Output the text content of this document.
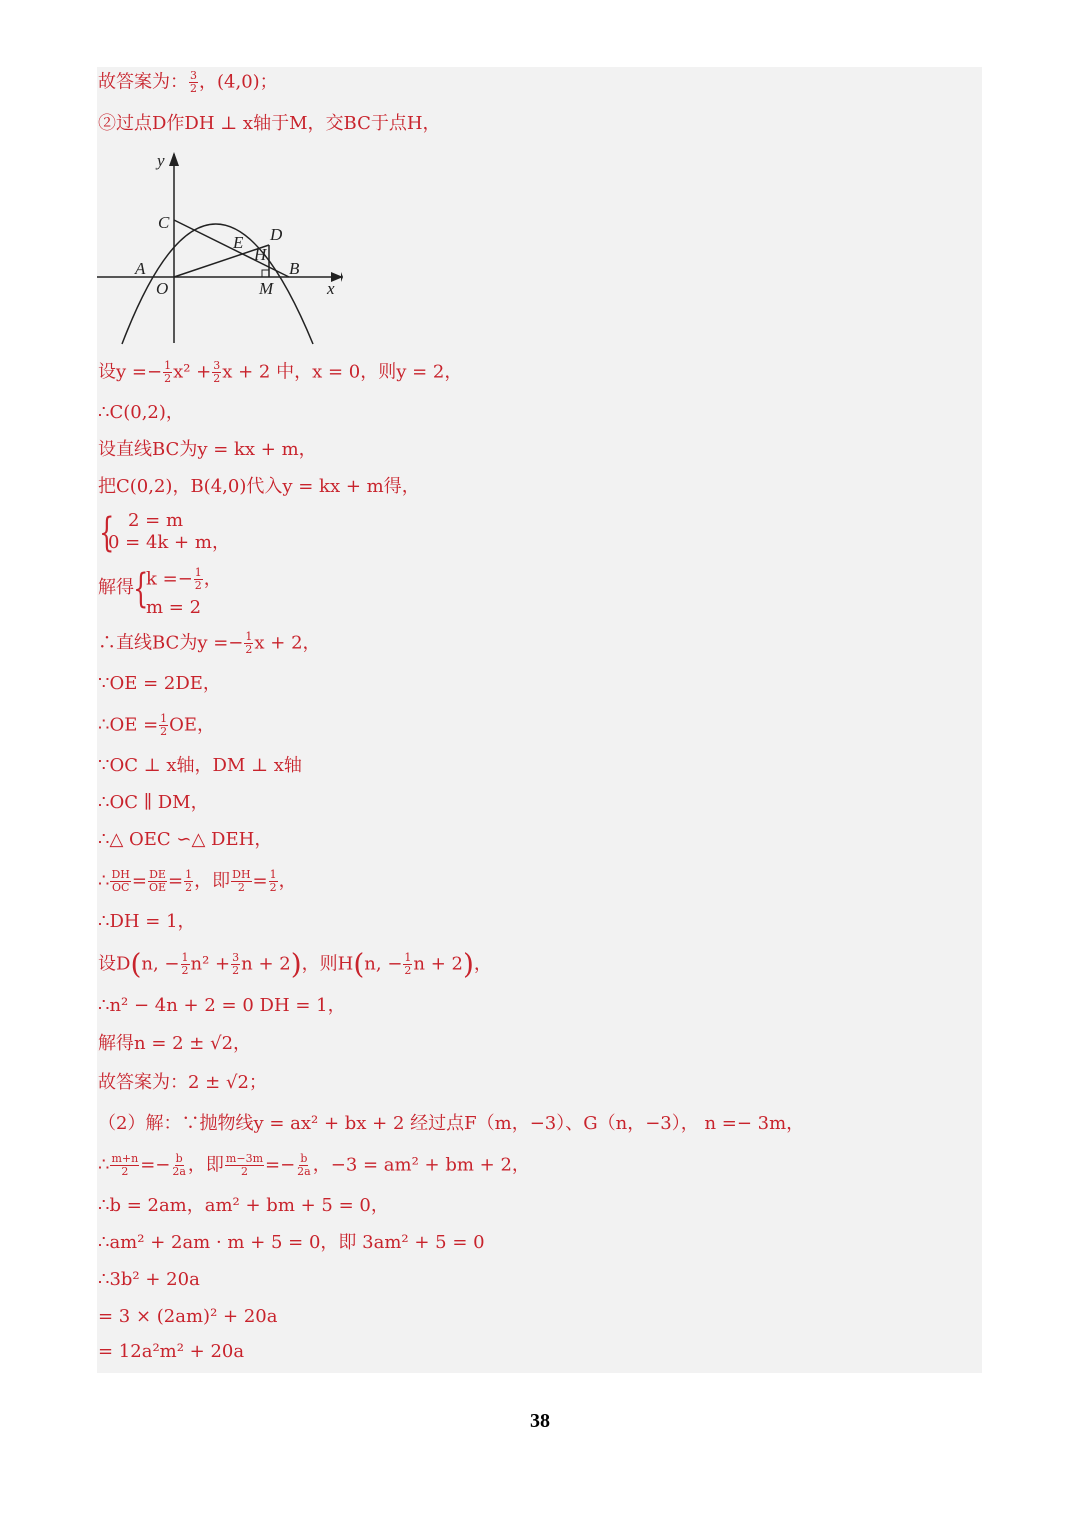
故答案为： $\frac{3}{2}$ ，(4,0)；
②过点D作DH ⊥ x轴于M，交BC于点H，
y
x
C
D
E
H
A	B
O	M
设$y =- \frac{1}{2} x^2 + \frac{3}{2}$ x + 2 中，x = 0，则y = 2，
∴C(0,2)，
设直线BC为y = kx + m，
把C(0,2)，B(4,0)代入y = kx + m得，
{ 2 = m
0 = 4k + m，
解得 {
$k =- \frac{1}{2}$ ，
m = 2
∴直线BC为$y =- \frac{1}{2}$ x + 2，
∵OE = 2DE，
∴OE = $\frac{1}{2}$ OE，
∵OC ⊥ x轴，DM ⊥ x轴
∴OC ∥ DM，
∴△ OEC ∽△ DEH，
∴ $\frac{DH}{OC} = \frac{DE}{OE} = \frac{1}{2}$ ，即 $\frac{DH}{2} = \frac{1}{2}$ ，
∴DH = 1，
设D(n, − $\frac{1}{2} n^2 + \frac{3}{2}$ n + 2)，则H(n, − $\frac{1}{2}$ n + 2)，
∴n² − 4n + 2 = 0 DH = 1，
解得n = 2 ± √2，
故答案为：2 ± √2；
（2）解：∵抛物线y = ax² + bx + 2 经过点F（m，−3）、G（n，−3）， n =− 3m，
∴ $\frac{m+n}{2} =- \frac{b}{2a}$ ，即 $\frac{m-3m}{2} =- \frac{b}{2a}$ ，−3 = am² + bm + 2，
∴b = 2am，am² + bm + 5 = 0，
∴am² + 2am · m + 5 = 0，即 3am² + 5 = 0
∴3b² + 20a
= 3 × (2am)² + 20a
= 12a²m² + 20a
38
